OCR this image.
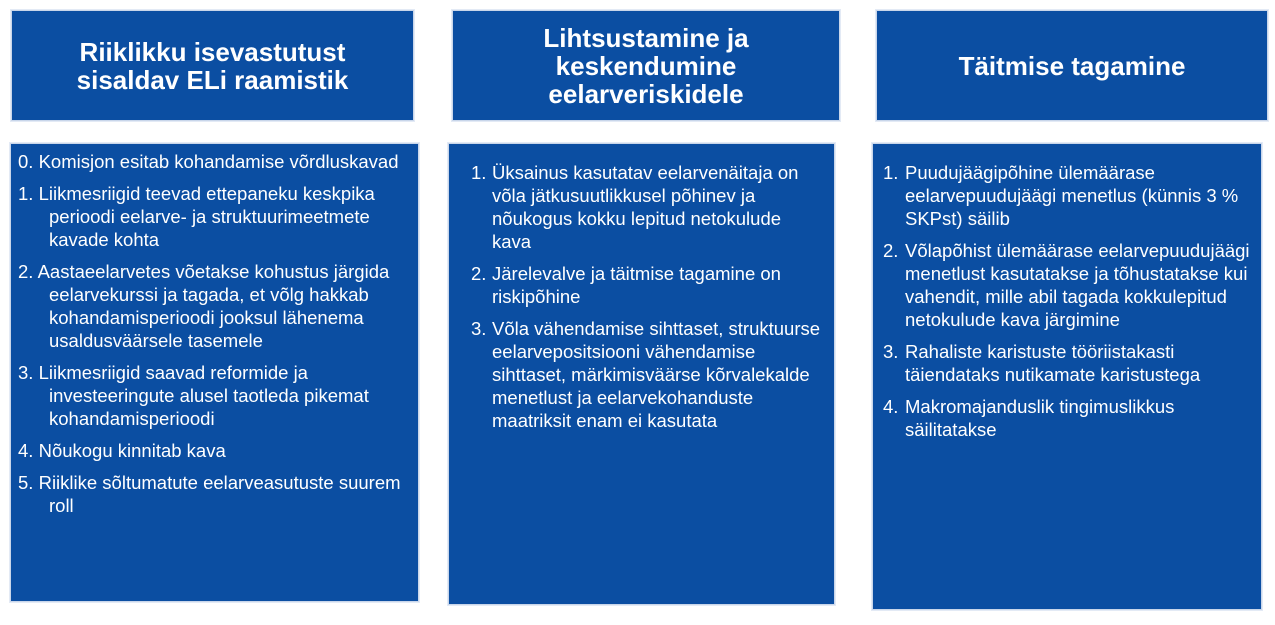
Riiklikku isevastutust
sisaldav ELi raamistik
0. Komisjon esitab kohandamise võrdluskavad
1. Liikmesriigid teevad ettepaneku keskpika perioodi eelarve- ja struktuurimeetmete kavade kohta
2. Aastaeelarvetes võetakse kohustus järgida eelarvekurssi ja tagada, et võlg hakkab kohandamisperioodi jooksul lähenema usaldusväärsele tasemele
3. Liikmesriigid saavad reformide ja investeeringute alusel taotleda pikemat kohandamisperioodi
4. Nõukogu kinnitab kava
5. Riiklike sõltumatute eelarveasutuste suurem roll
Lihtsustamine ja
keskendumine
eelarveriskidele
1. Üksainus kasutatav eelarvenäitaja on võla jätkusuutlikkusel põhinev ja nõukogus kokku lepitud netokulude kava
2. Järelevalve ja täitmise tagamine on riskipõhine
3. Võla vähendamise sihttaset, struktuurse eelarvepositsiooni vähendamise sihttaset, märkimisväärse kõrvalekalde menetlust ja eelarvekohanduste maatriksit enam ei kasutata
Täitmise tagamine
1. Puudujäägipõhine ülemäärase eelarvepuudujäägi menetlus (künnis 3 % SKPst) säilib
2. Võlapõhist ülemäärase eelarvepuudujäägi menetlust kasutatakse ja tõhustatakse kui vahendit, mille abil tagada kokkulepitud netokulude kava järgimine
3. Rahaliste karistuste tööriistakasti täiendataks nutikamate karistustega
4. Makromajanduslik tingimuslikkus säilitatakse
